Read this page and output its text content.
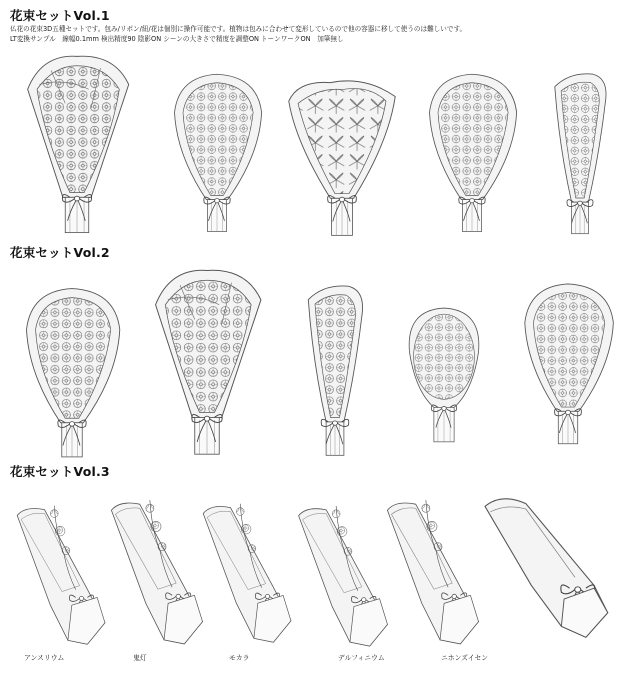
花束セットVol.1
仏花の花束3D五種セットです。包み/リボン/紐/花は個別に操作可能です。植物は包みに合わせて変形しているので他の容器に移して使うのは難しいです。
LT変換サンプル　線幅0.1mm 検出精度90 陰影ON シーンの大きさで精度を調整ON トーンワークON　加筆無し
花束セットVol.2
花束セットVol.3
アンスリウム	鬼灯	モカラ	デルフィニウム	ニホンズイセン
